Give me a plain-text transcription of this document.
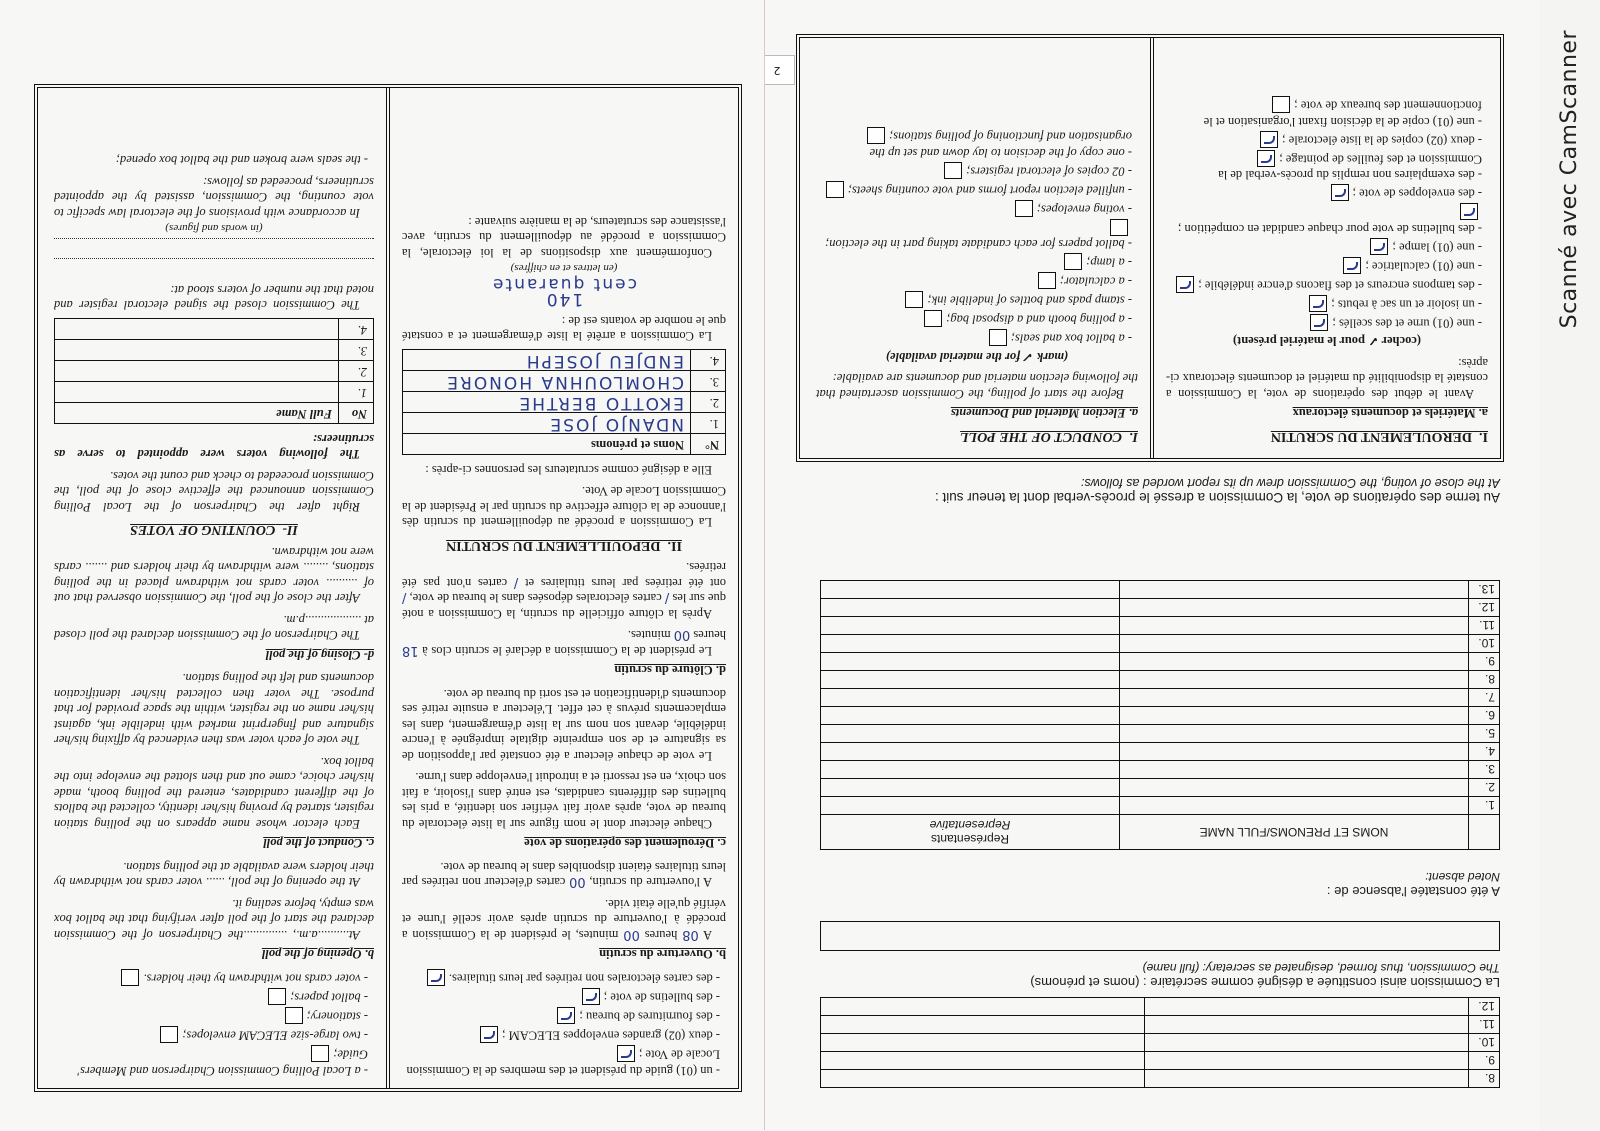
Scanné avec CamScanner
8.		
9.		
10.		
11.		
12.		
La Commission ainsi constituée a désigné comme secrétaire : (noms et prénoms)
The Commission, thus formed, designated as secretary: (full name)
A été constatée l'absence de :
Noted absent:
	NOMS ET PRENOMS/FULL NAME	Représentants
Representative

1.		
2.		
3.		
4.		
5.		
6.		
7.		
8.		
9.		
10.		
11.		
12.		
13.		
Au terme des opérations de vote, la Commission a dressé le procès-verbal dont la teneur suit :
At the close of voting, the Commission drew up its report worded as follows:
I.  DEROULEMENT DU SCRUTIN
a. Matériels et documents électoraux

Avant le début des opérations de vote, la Commission a constaté la disponibilité du matériel et documents électoraux ci-après:

(cocher ✓ pour le matériel présent)
- une (01) urne et des scellés ;
- un isoloir et un sac à rebuts ;
- des tampons encreurs et des flacons d'encre indélébile ;
- une (01) calculatrice ;
- une (01) lampe ;
- des bulletins de vote pour chaque candidat en compétition ;
- des enveloppes de vote ;
- des exemplaires non remplis du procès-verbal de la Commission et des feuilles de pointage ;
- deux (02) copies de la liste électorale ;
- une (01) copie de la décision fixant l'organisation et le fonctionnement des bureaux de vote ;
I.  CONDUCT OF THE POLL
a. Election Material and Documents

Before the start of polling, the Commission ascertained that the following election material and documents are available:

(mark ✓ for the material available)
- a ballot box and seals;
- a polling booth and a disposal bag;
- stamp pads and bottles of indelible ink;
- a calculator;
- a lamp;
- ballot papers for each candidate taking part in the election;
- voting envelopes;
- unfilled election report forms and vote counting sheets;
- 02 copies of electoral registers;
- one copy of the decision to lay down and set up the organisation and functioning of polling stations;
2
- un (01) guide du président et des membres de la Commission Locale de Vote ;
- deux (02) grandes enveloppes ELECAM ;
- des fournitures de bureau ;
- des bulletins de vote ;
- des cartes électorales non retirées par leurs titulaires.
b. Ouverture du scrutin

A 08 heures 00 minutes, le président de la Commission a procédé à l'ouverture du scrutin après avoir scellé l'urne et vérifié qu'elle était vide.

A l'ouverture du scrutin, 00 cartes d'électeur non retirées par leurs titulaires étaient disponibles dans le bureau de vote.

c. Déroulement des opérations de vote

Chaque électeur dont le nom figure sur la liste électorale du bureau de vote, après avoir fait vérifier son identité, a pris les bulletins des différents candidats, est entré dans l'isoloir, a fait son choix, en est ressorti et a introduit l'enveloppe dans l'urne.

Le vote de chaque électeur a été constaté par l'apposition de sa signature et de son empreinte digitale imprégnée à l'encre indélébile, devant son nom sur la liste d'émargement, dans les emplacements prévus à cet effet. L'électeur a ensuite retiré ses documents d'identification et est sorti du bureau de vote.

d. Clôture du scrutin

Le président de la Commission a déclaré le scrutin clos à 18 heures 00 minutes.

Après la clôture officielle du scrutin, la Commission a noté que sur les / cartes électorales déposées dans le bureau de vote, / ont été retirées par leurs titulaires et / cartes n'ont pas été retirées.

II.  DEPOUILLEMENT DU SCRUTIN

La Commission a procédé au dépouillement du scrutin dès l'annonce de la clôture effective du scrutin par le Président de la Commission Locale de Vote.

Elle a désigné comme scrutateurs les personnes ci-après :

N°	Noms et prénoms
1.	NDANJO JOSE
2.	EKOTTO BERTHE
3.	CHOMLOUHNA HONORE
4.	ENDJEU JOSEPH

La Commission a arrêté la liste d'émargement et a constaté que le nombre de votants est de :

140
cent quarante
(en lettres et en chiffres)

Conformément aux dispositions de la loi électorale, la Commission a procédé au dépouillement du scrutin, avec l'assistance des scrutateurs, de la manière suivante :

- a Local Polling Commission Chairperson and Members' Guide;
- two large-size ELECAM envelopes;
- stationery;
- ballot papers;
- voter cards not withdrawn by their holders.
b. Opening of the poll

At..........a.m., ..............the Chairperson of the Commission declared the start of the poll after verifying that the ballot box was empty, before sealing it.

At the opening of the poll, ...... voter cards not withdrawn by their holders were available at the polling station.

c. Conduct of the poll

Each elector whose name appears on the polling station register, started by proving his/her identity, collected the ballots of the different candidates, entered the polling booth, made his/her choice, came out and then slotted the envelope into the ballot box.

The vote of each voter was then evidenced by affixing his/her signature and fingerprint marked with indelible ink, against his/her name on the register, within the space provided for that purpose. The voter then collected his/her identification documents and left the polling station.

d- Closing of the poll

The Chairperson of the Commission declared the poll closed at ..................p.m.

After the close of the poll, the Commission observed that out of .......... voter cards not withdrawn placed in the polling stations, ........ were withdrawn by their holders and ....... cards were not withdrawn.

II-  COUNTING OF VOTES

Right after the Chairperson of the Local Polling Commission announced the effective close of the poll, the Commission proceeded to check and count the votes.

The following voters were appointed to serve as scrutineers:

No	Full Name
1.	
2.	
3.	
4.	

The Commission closed the signed electoral register and noted that the number of voters stood at:

(in words and figures)

In accordance with provisions of the electoral law specific to vote counting, the Commission, assisted by the appointed scrutineers, proceeded as follows:

- the seals were broken and the ballot box opened;
